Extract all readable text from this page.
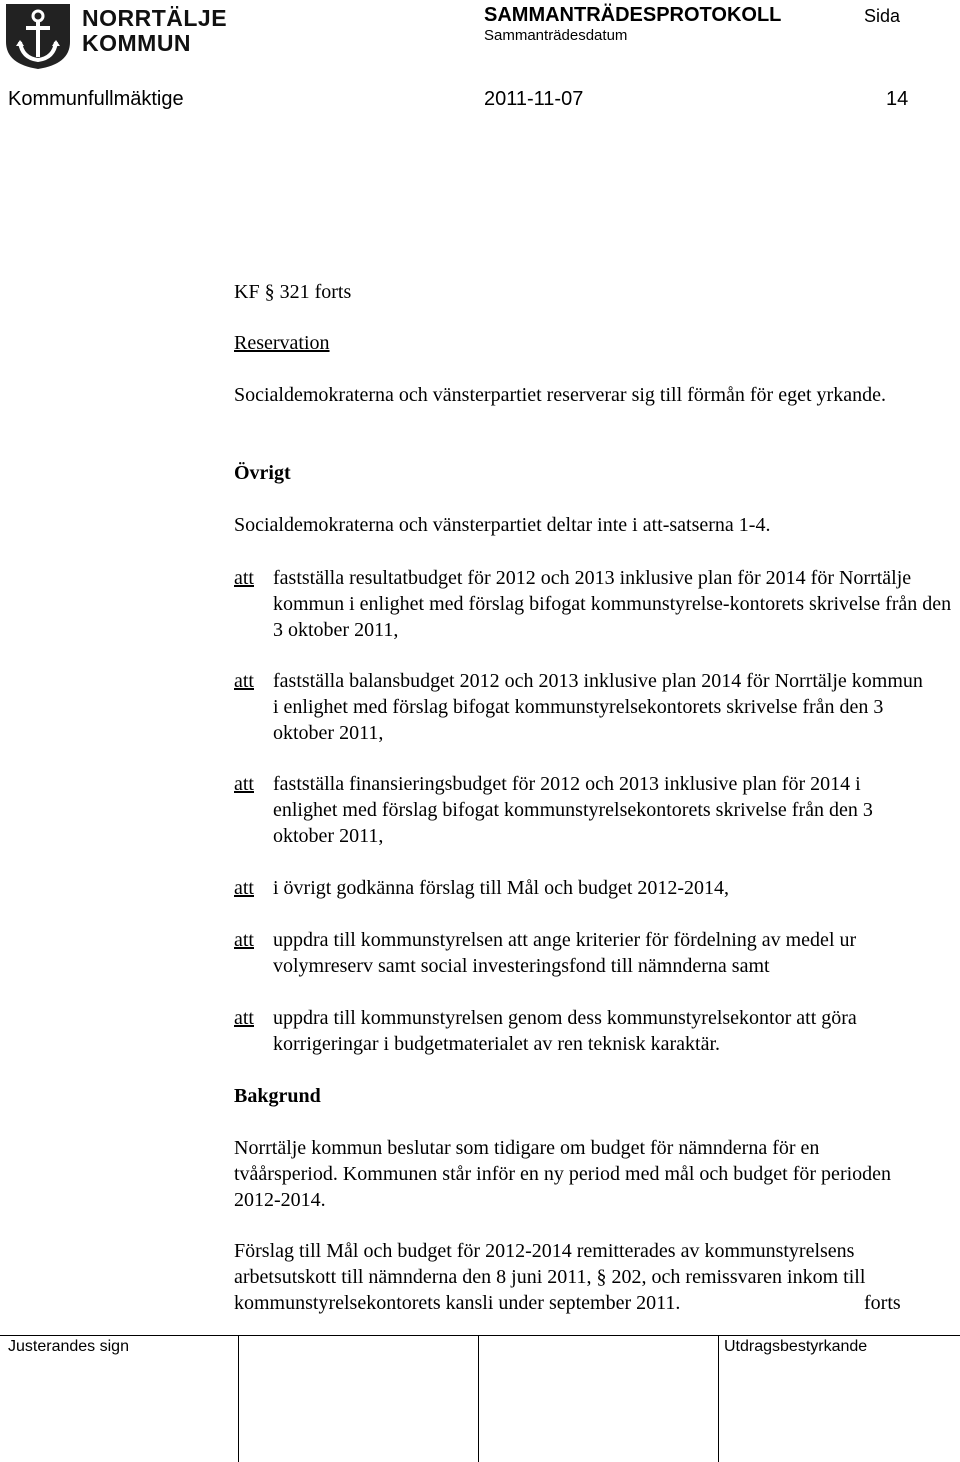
NORRTÄLJE
KOMMUN
SAMMANTRÄDESPROTOKOLL
Sammanträdesdatum
Sida
Kommunfullmäktige	2011-11-07	14
KF § 321 forts
Reservation
Socialdemokraterna och vänsterpartiet reserverar sig till förmån för eget yrkande.
Övrigt
Socialdemokraterna och vänsterpartiet deltar inte i att-satserna 1-4.
att fastställa resultatbudget för 2012 och 2013 inklusive plan för 2014 för Norrtälje kommun i enlighet med förslag bifogat kommunstyrelse-kontorets skrivelse från den 3 oktober 2011,
att fastställa balansbudget 2012 och 2013 inklusive plan 2014 för Norrtälje kommun i enlighet med förslag bifogat kommunstyrelsekontorets skrivelse från den 3 oktober 2011,
att fastställa finansieringsbudget för 2012 och 2013 inklusive plan för 2014 i enlighet med förslag bifogat kommunstyrelsekontorets skrivelse från den 3 oktober 2011,
att i övrigt godkänna förslag till Mål och budget 2012-2014,
att uppdra till kommunstyrelsen att ange kriterier för fördelning av medel ur volymreserv samt social investeringsfond till nämnderna samt
att uppdra till kommunstyrelsen genom dess kommunstyrelsekontor att göra korrigeringar i budgetmaterialet av ren teknisk karaktär.
Bakgrund
Norrtälje kommun beslutar som tidigare om budget för nämnderna för en tvåårsperiod. Kommunen står inför en ny period med mål och budget för perioden 2012-2014.
Förslag till Mål och budget för 2012-2014 remitterades av kommunstyrelsens arbetsutskott till nämnderna den 8 juni 2011, § 202, och remissvaren inkom till kommunstyrelsekontorets kansli under september 2011.	forts
Justerandes sign	Utdragsbestyrkande
